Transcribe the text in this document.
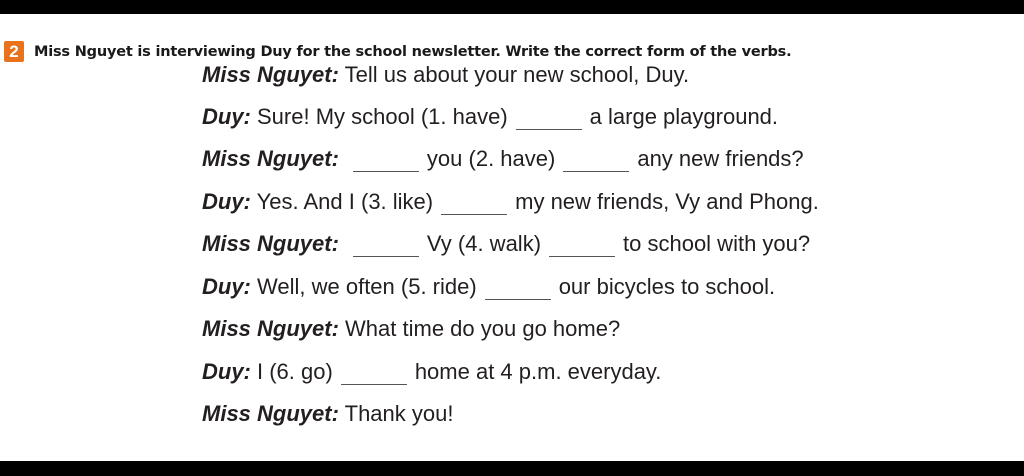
2	Miss Nguyet is interviewing Duy for the school newsletter. Write the correct form of the verbs.
Miss Nguyet: Tell us about your new school, Duy.
Duy: Sure! My school (1. have)	a large playground.
Miss Nguyet:	you (2. have)	any new friends?
Duy: Yes. And I (3. like)	my new friends, Vy and Phong.
Miss Nguyet:	Vy (4. walk)	to school with you?
Duy: Well, we often (5. ride)	our bicycles to school.
Miss Nguyet: What time do you go home?
Duy: I (6. go)	home at 4 p.m. everyday.
Miss Nguyet: Thank you!
